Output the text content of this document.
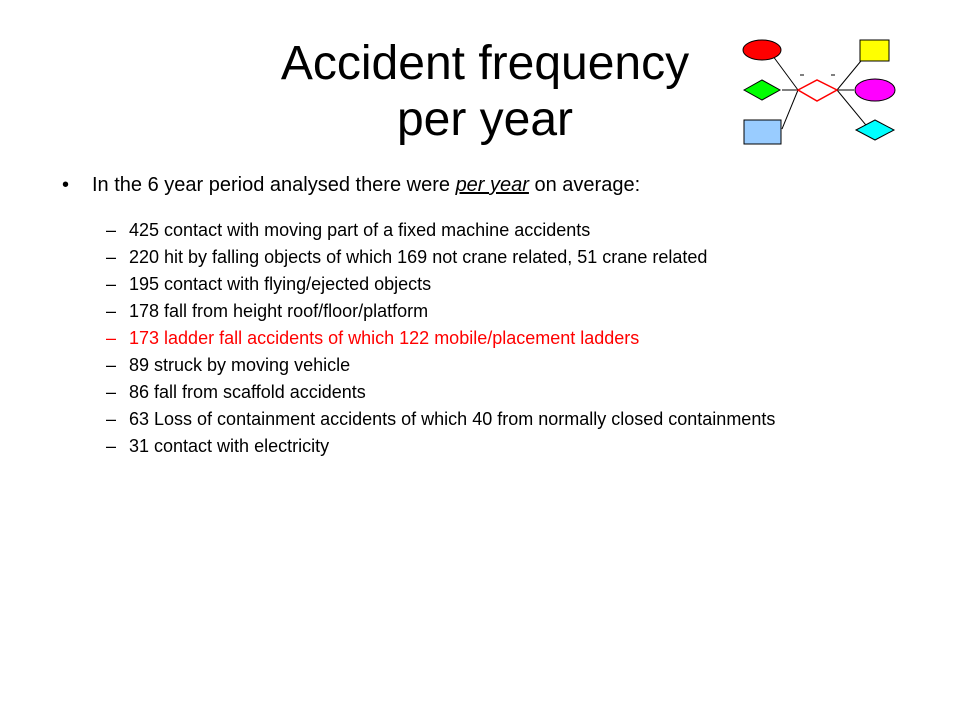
Accident frequency
per year
•	In the 6 year period analysed there were per year on average:
– 425 contact with moving part of a fixed machine accidents
– 220 hit by falling objects of which 169 not crane related, 51 crane related
– 195 contact with flying/ejected objects
– 178 fall from height roof/floor/platform
– 173 ladder fall accidents of which 122 mobile/placement ladders
– 89 struck by moving vehicle
– 86 fall from scaffold accidents
– 63 Loss of containment accidents of which 40 from normally closed containments
– 31 contact with electricity
